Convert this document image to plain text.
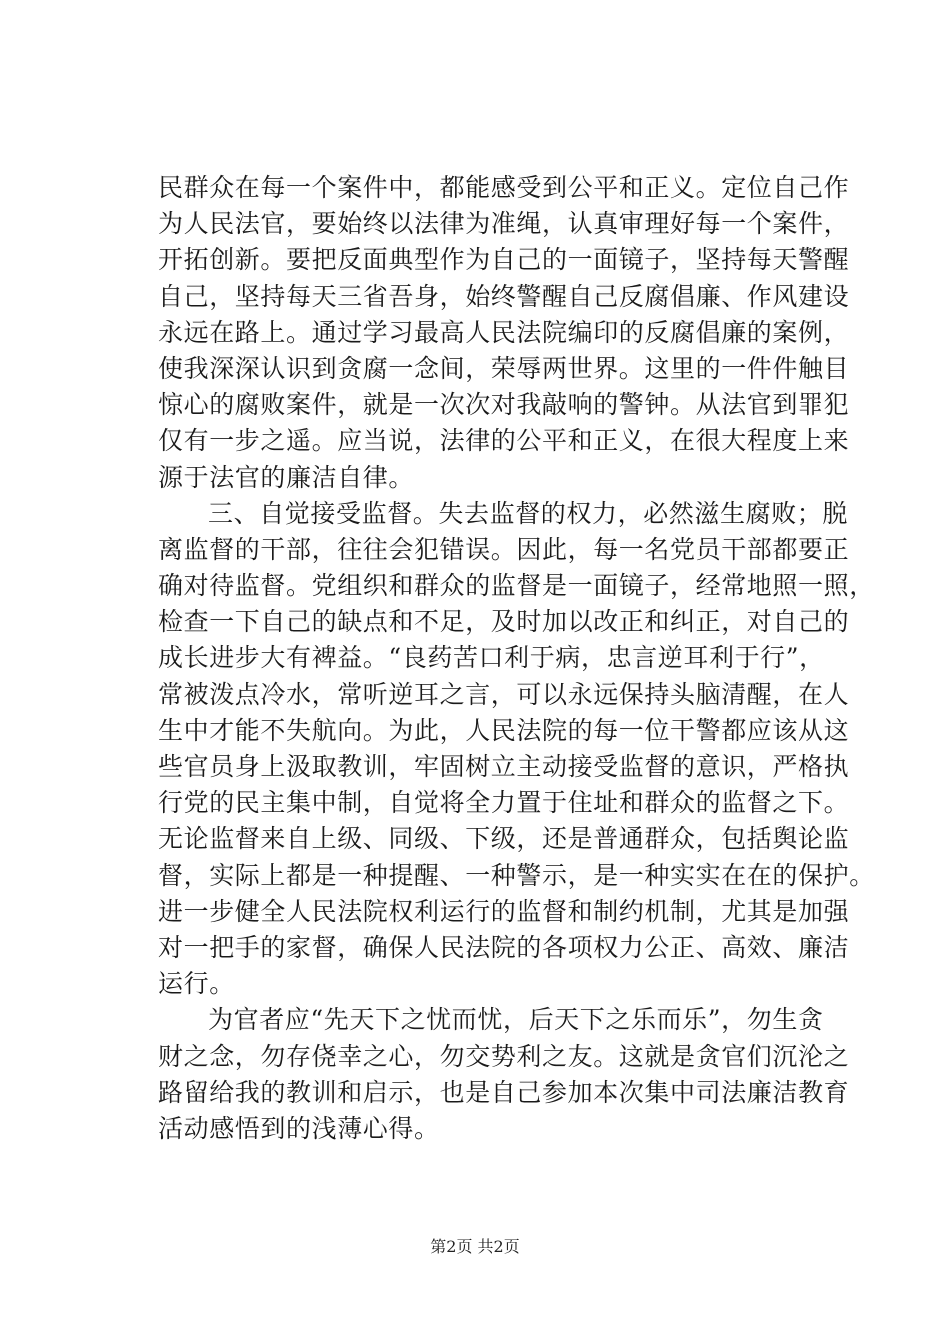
民群众在每一个案件中，都能感受到公平和正义。定位自己作
为人民法官，要始终以法律为准绳，认真审理好每一个案件，
开拓创新。要把反面典型作为自己的一面镜子，坚持每天警醒
自己，坚持每天三省吾身，始终警醒自己反腐倡廉、作风建设
永远在路上。通过学习最高人民法院编印的反腐倡廉的案例，
使我深深认识到贪腐一念间，荣辱两世界。这里的一件件触目
惊心的腐败案件，就是一次次对我敲响的警钟。从法官到罪犯
仅有一步之遥。应当说，法律的公平和正义，在很大程度上来
源于法官的廉洁自律。
三、自觉接受监督。失去监督的权力，必然滋生腐败；脱
离监督的干部，往往会犯错误。因此，每一名党员干部都要正
确对待监督。党组织和群众的监督是一面镜子，经常地照一照，
检查一下自己的缺点和不足，及时加以改正和纠正，对自己的
成长进步大有裨益。“良药苦口利于病，忠言逆耳利于行”，
常被泼点冷水，常听逆耳之言，可以永远保持头脑清醒，在人
生中才能不失航向。为此，人民法院的每一位干警都应该从这
些官员身上汲取教训，牢固树立主动接受监督的意识，严格执
行党的民主集中制，自觉将全力置于住址和群众的监督之下。
无论监督来自上级、同级、下级，还是普通群众，包括舆论监
督，实际上都是一种提醒、一种警示，是一种实实在在的保护。
进一步健全人民法院权利运行的监督和制约机制，尤其是加强
对一把手的家督，确保人民法院的各项权力公正、高效、廉洁
运行。
为官者应“先天下之忧而忧，后天下之乐而乐”，勿生贪
财之念，勿存侥幸之心，勿交势利之友。这就是贪官们沉沦之
路留给我的教训和启示，也是自己参加本次集中司法廉洁教育
活动感悟到的浅薄心得。
第2页 共2页
